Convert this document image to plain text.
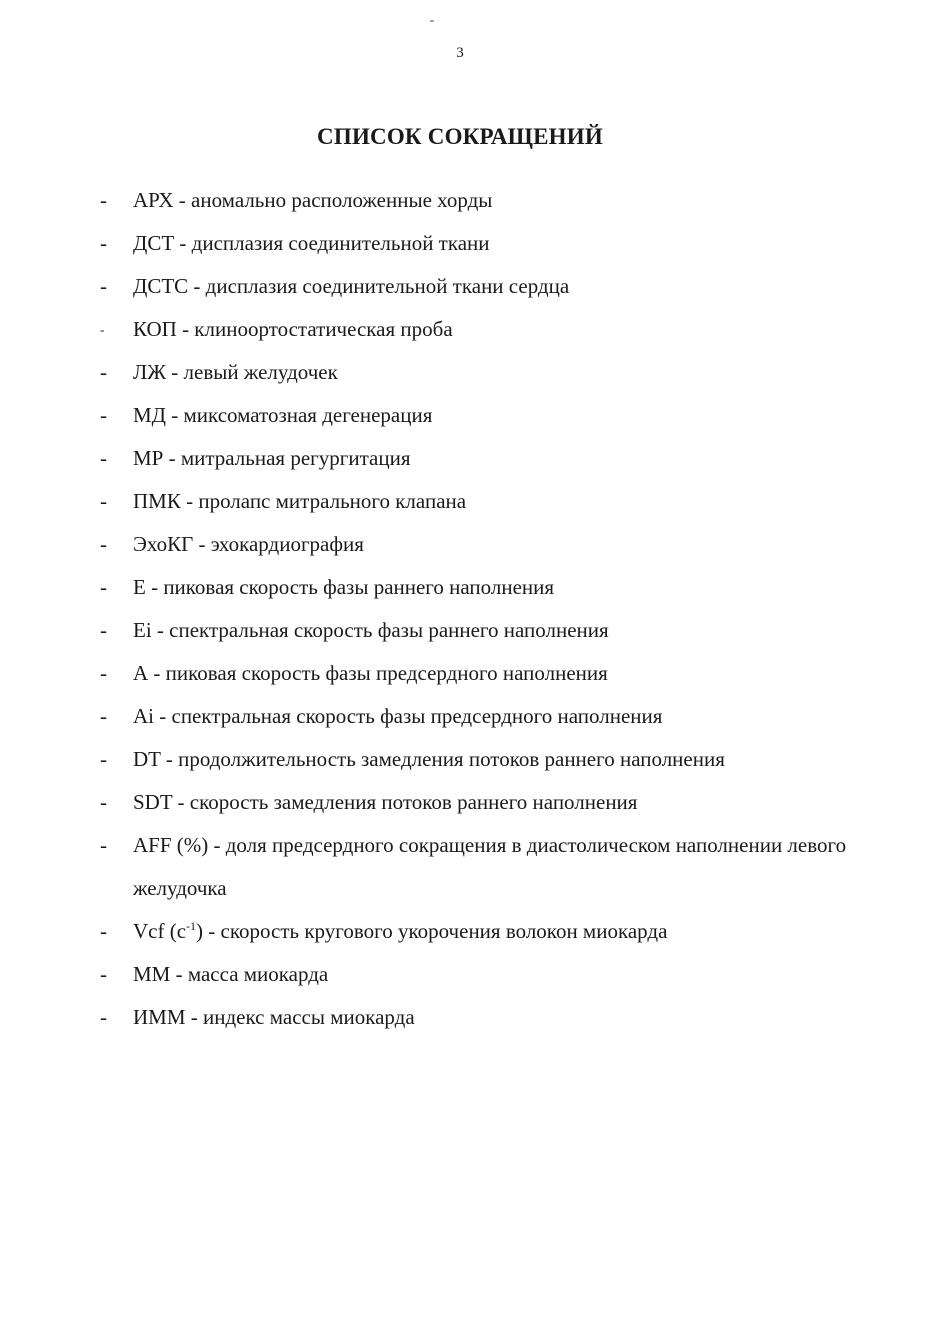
-
3
СПИСОК СОКРАЩЕНИЙ
- АРХ - аномально расположенные хорды
- ДСТ - дисплазия соединительной ткани
- ДСТС - дисплазия соединительной ткани сердца
- КОП - клиноортостатическая проба
- ЛЖ - левый желудочек
- МД - миксоматозная дегенерация
- МР - митральная регургитация
- ПМК - пролапс митрального клапана
- ЭхоКГ - эхокардиография
- Е - пиковая скорость фазы раннего наполнения
- Ei - спектральная скорость фазы раннего наполнения
- А - пиковая скорость фазы предсердного наполнения
- Ai - спектральная скорость фазы предсердного наполнения
- DT - продолжительность замедления потоков раннего наполнения
- SDT - скорость замедления потоков раннего наполнения
- AFF (%) - доля предсердного сокращения в диастолическом наполнении левого желудочка
- Vcf $(с^{-1})$ - скорость кругового укорочения волокон миокарда
- ММ - масса миокарда
- ИММ - индекс массы миокарда
